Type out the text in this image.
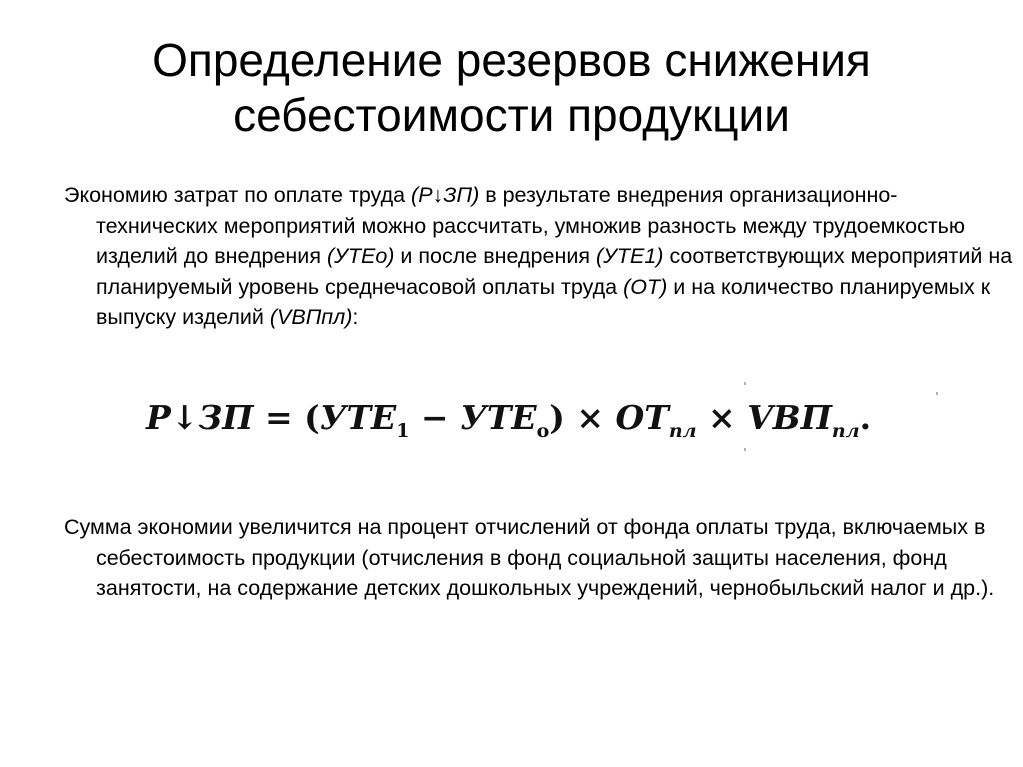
Определение резервов снижения
себестоимости продукции

Экономию затрат по оплате труда (Р↓ЗП) в результате внедрения организационно-технических мероприятий можно рассчитать, умножив разность между трудоемкостью изделий до внедрения (УТЕо) и после внедрения (УТЕ1) соответствующих мероприятий на планируемый уровень среднечасовой оплаты труда (ОТ) и на количество планируемых к выпуску изделий (VВПпл):

Р↓ЗП = $(УТЕ_1 - УТЕ_о) \times ОТ_{пл} \times VВП_{пл}$.

Сумма экономии увеличится на процент отчислений от фонда оплаты труда, включаемых в себестоимость продукции (отчисления в фонд социальной защиты населения, фонд занятости, на содержание детских дошкольных учреждений, чернобыльский налог и др.).
